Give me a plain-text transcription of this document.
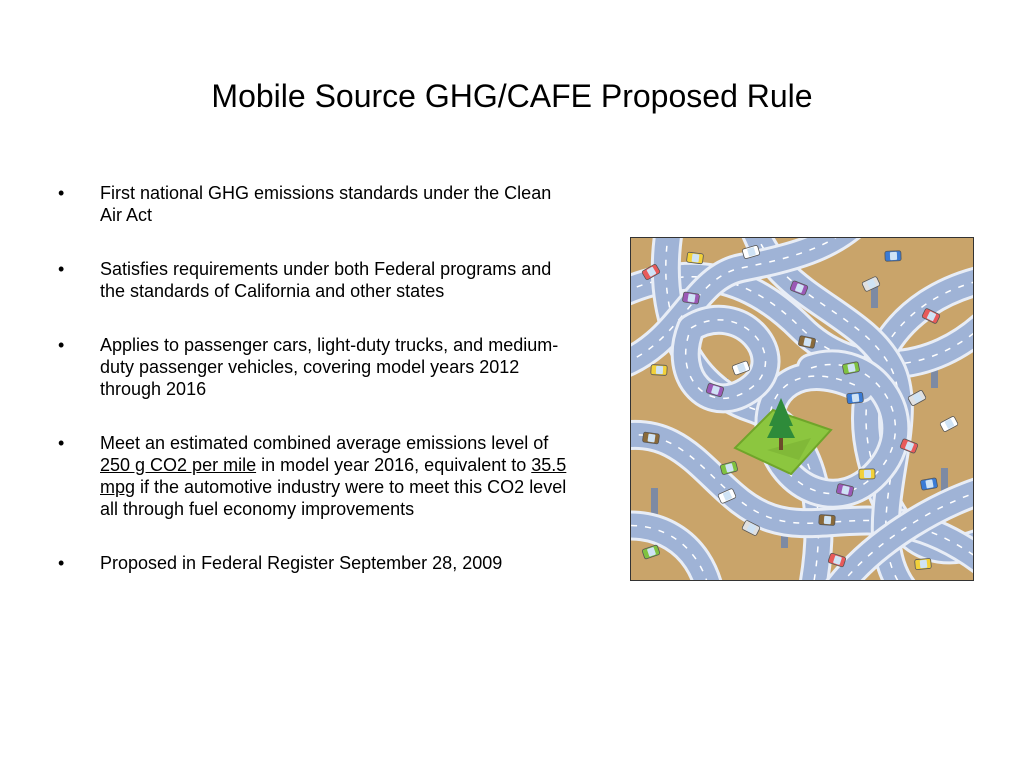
Mobile Source GHG/CAFE Proposed Rule
•	First national GHG emissions standards under the Clean Air Act
•	Satisfies requirements under both Federal programs and the standards of California and other states
•	Applies to passenger cars, light-duty trucks, and medium-duty passenger vehicles, covering model years 2012 through 2016
•	Meet an estimated combined average emissions level of 250 g CO2 per mile in model year 2016, equivalent to 35.5 mpg if the automotive industry were to meet this CO2 level all through fuel economy improvements
•	Proposed in Federal Register September 28, 2009
